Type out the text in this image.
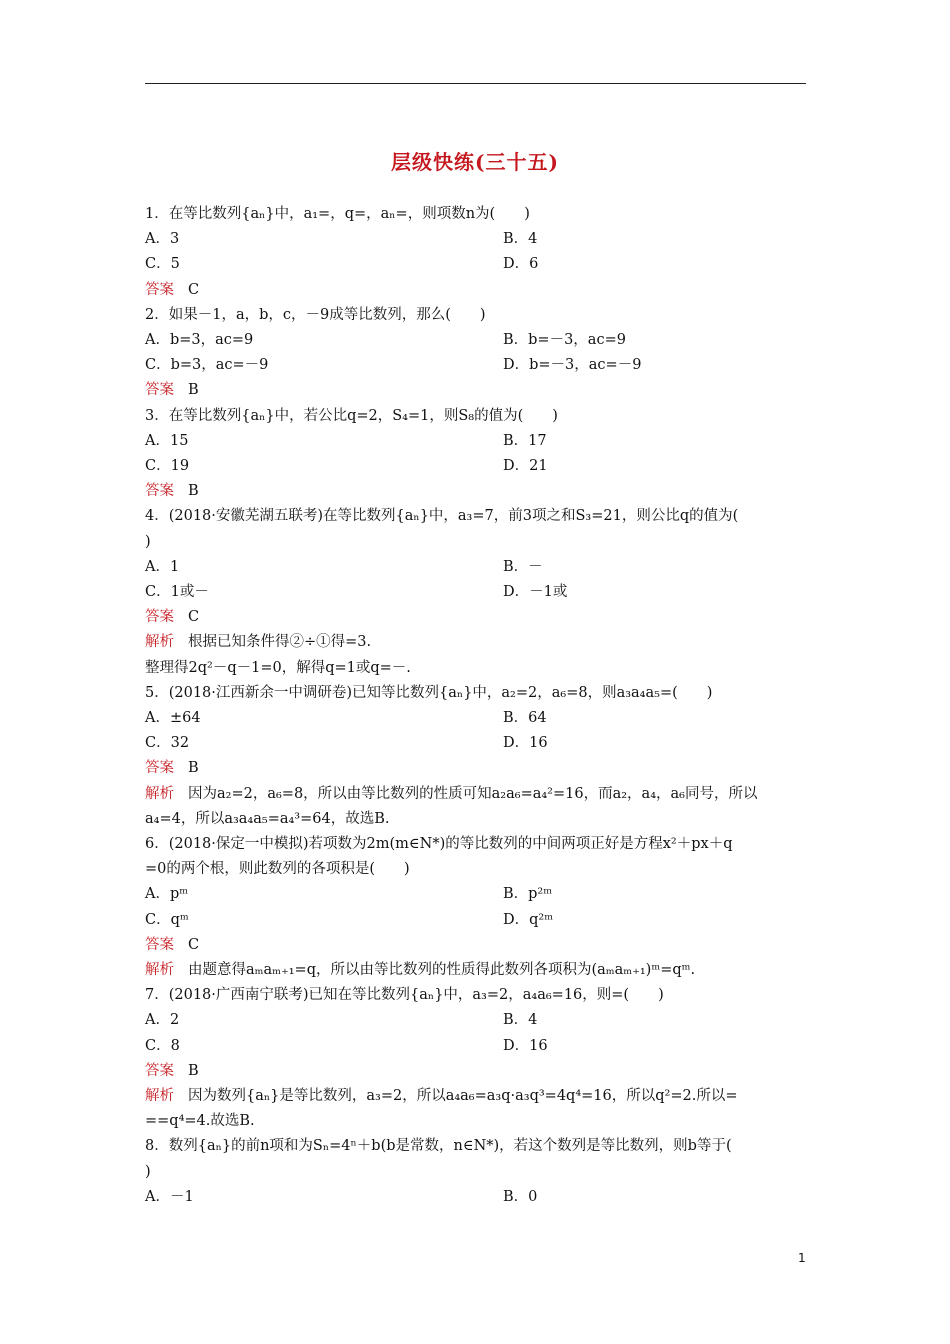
层级快练(三十五)
1．在等比数列{aₙ}中，a₁=，q=，aₙ=，则项数n为(　　)
A．3	B．4
C．5	D．6
答案 C
2．如果－1，a，b，c，－9成等比数列，那么(　　)
A．b=3，ac=9	B．b=－3，ac=9
C．b=3，ac=－9	D．b=－3，ac=－9
答案 B
3．在等比数列{aₙ}中，若公比q=2，S₄=1，则S₈的值为(　　)
A．15	B．17
C．19	D．21
答案 B
4．(2018·安徽芜湖五联考)在等比数列{aₙ}中，a₃=7，前3项之和S₃=21，则公比q的值为(
)
A．1	B．－
C．1或－	D．－1或
答案 C
解析 根据已知条件得②÷①得=3.
整理得2q²－q－1=0，解得q=1或q=－.
5．(2018·江西新余一中调研卷)已知等比数列{aₙ}中，a₂=2，a₆=8，则a₃a₄a₅=(　　)
A．±64	B．64
C．32	D．16
答案 B
解析 因为a₂=2，a₆=8，所以由等比数列的性质可知a₂a₆=a₄²=16，而a₂，a₄，a₆同号，所以
a₄=4，所以a₃a₄a₅=a₄³=64，故选B.
6．(2018·保定一中模拟)若项数为2m(m∈N*)的等比数列的中间两项正好是方程x²＋px＋q
=0的两个根，则此数列的各项积是(　　)
A．pᵐ	B．p²ᵐ
C．qᵐ	D．q²ᵐ
答案 C
解析 由题意得aₘaₘ₊₁=q，所以由等比数列的性质得此数列各项积为(aₘaₘ₊₁)ᵐ=qᵐ.
7．(2018·广西南宁联考)已知在等比数列{aₙ}中，a₃=2，a₄a₆=16，则=(　　)
A．2	B．4
C．8	D．16
答案 B
解析 因为数列{aₙ}是等比数列，a₃=2，所以a₄a₆=a₃q·a₃q³=4q⁴=16，所以q²=2.所以=
==q⁴=4.故选B.
8．数列{aₙ}的前n项和为Sₙ=4ⁿ＋b(b是常数，n∈N*)，若这个数列是等比数列，则b等于(
)
A．－1	B．0
1
